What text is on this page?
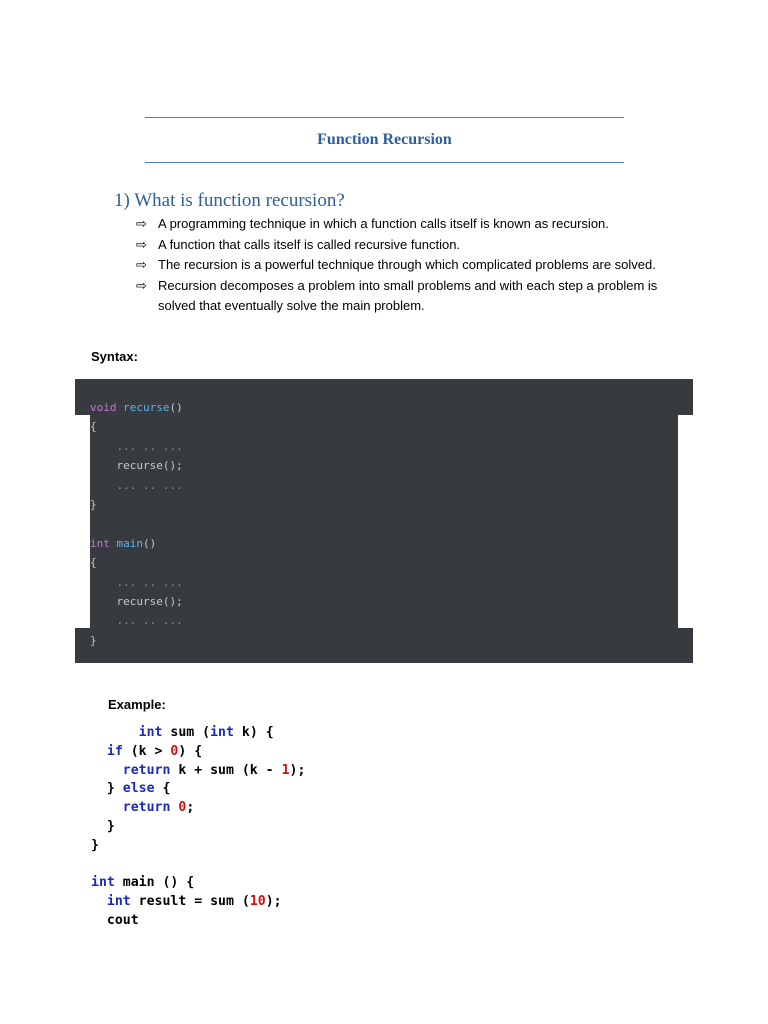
Function Recursion
1) What is function recursion?
⇨ A programming technique in which a function calls itself is known as recursion.
⇨ A function that calls itself is called recursive function.
⇨ The recursion is a powerful technique through which complicated problems are solved.
⇨ Recursion decomposes a problem into small problems and with each step a problem is solved that eventually solve the main problem.
Syntax:
void recurse()
{
... .. ...
recurse();
... .. ...
}

int main()
{
... .. ...
recurse();
... .. ...
}
Example:
int sum (int k) {
if (k > 0) {
return k + sum (k - 1);
} else {
return 0;
}
}

int main () {
int result = sum (10);
cout
